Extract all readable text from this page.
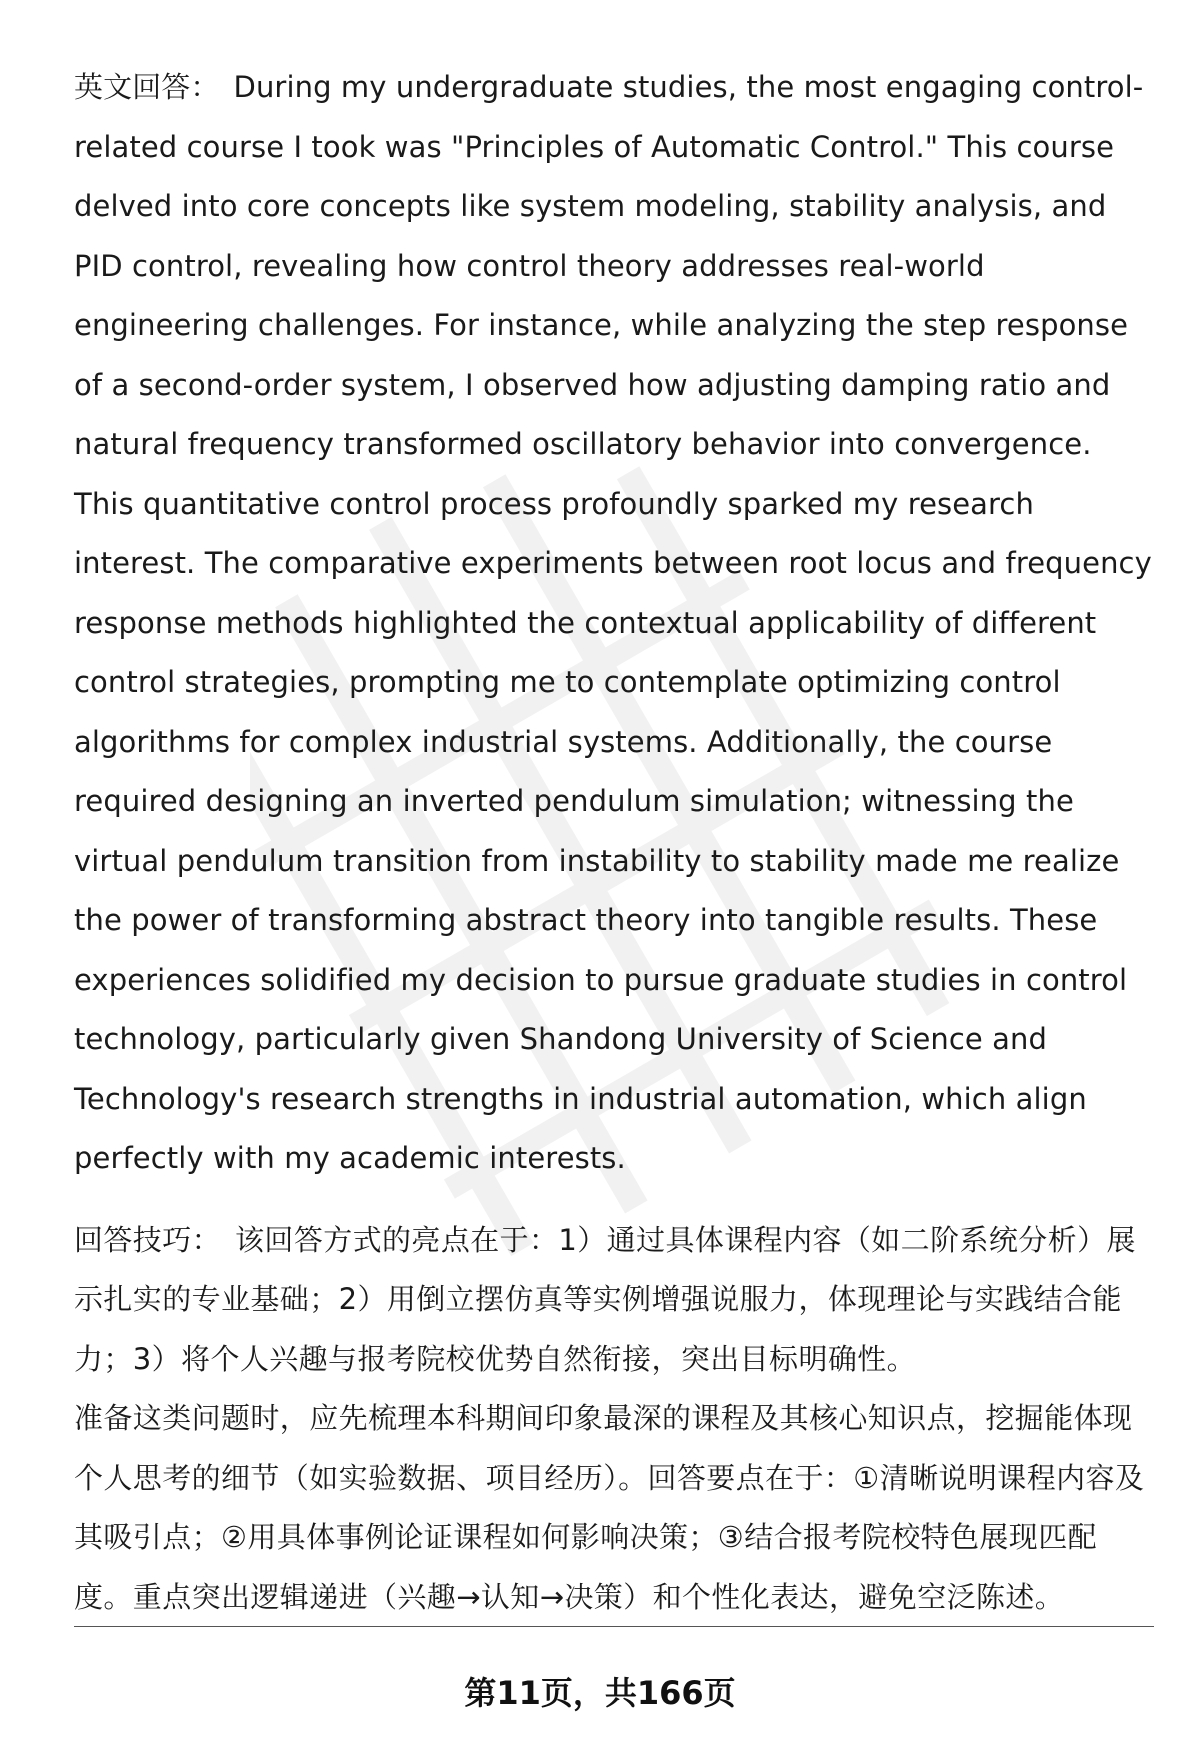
英文回答： During my undergraduate studies, the most engaging control-related course I took was "Principles of Automatic Control." This course delved into core concepts like system modeling, stability analysis, and PID control, revealing how control theory addresses real-world engineering challenges. For instance, while analyzing the step response of a second-order system, I observed how adjusting damping ratio and natural frequency transformed oscillatory behavior into convergence. This quantitative control process profoundly sparked my research interest. The comparative experiments between root locus and frequency response methods highlighted the contextual applicability of different control strategies, prompting me to contemplate optimizing control algorithms for complex industrial systems. Additionally, the course required designing an inverted pendulum simulation; witnessing the virtual pendulum transition from instability to stability made me realize the power of transforming abstract theory into tangible results. These experiences solidified my decision to pursue graduate studies in control technology, particularly given Shandong University of Science and Technology's research strengths in industrial automation, which align perfectly with my academic interests.

回答技巧： 该回答方式的亮点在于：1）通过具体课程内容（如二阶系统分析）展示扎实的专业基础；2）用倒立摆仿真等实例增强说服力，体现理论与实践结合能力；3）将个人兴趣与报考院校优势自然衔接，突出目标明确性。

准备这类问题时，应先梳理本科期间印象最深的课程及其核心知识点，挖掘能体现个人思考的细节（如实验数据、项目经历）。回答要点在于：①清晰说明课程内容及其吸引点；②用具体事例论证课程如何影响决策；③结合报考院校特色展现匹配度。重点突出逻辑递进（兴趣→认知→决策）和个性化表达，避免空泛陈述。

第11页，共166页
